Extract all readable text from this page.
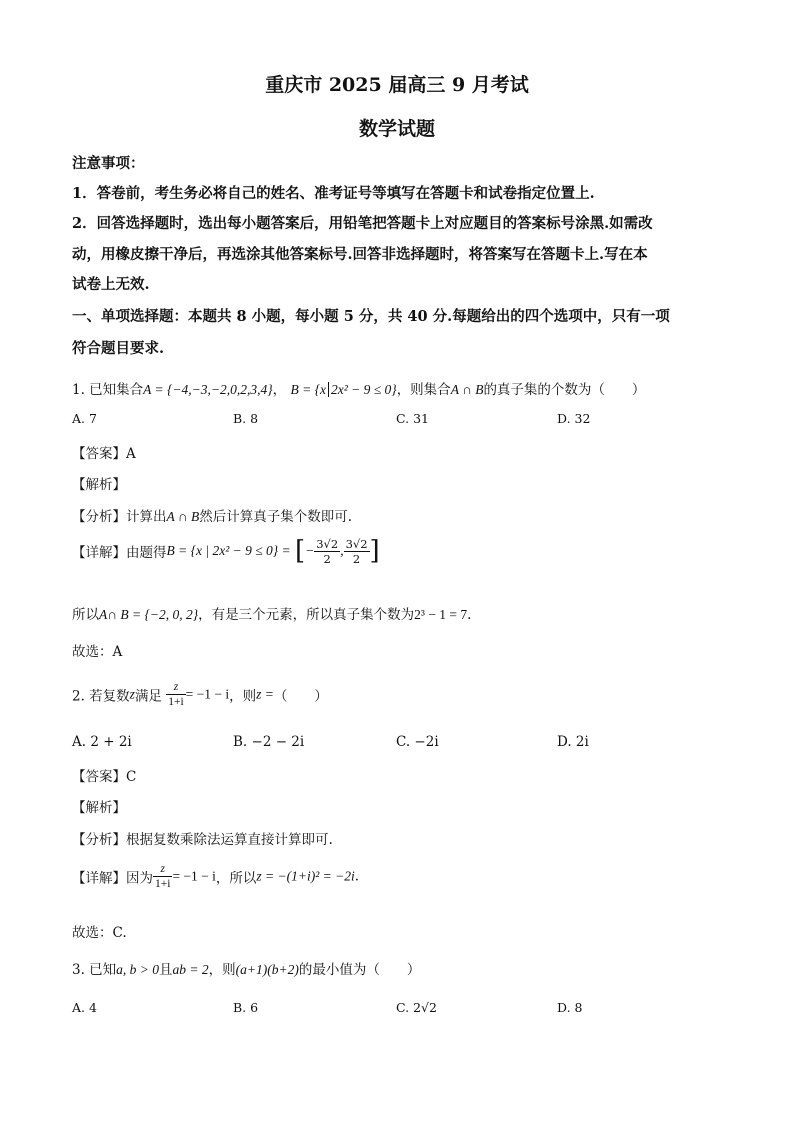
重庆市 2025 届高三 9 月考试
数学试题
注意事项：
1．答卷前，考生务必将自己的姓名、准考证号等填写在答题卡和试卷指定位置上.
2．回答选择题时，选出每小题答案后，用铅笔把答题卡上对应题目的答案标号涂黑.如需改
动，用橡皮擦干净后，再选涂其他答案标号.回答非选择题时，将答案写在答题卡上.写在本
试卷上无效.
一、单项选择题：本题共 8 小题，每小题 5 分，共 40 分.每题给出的四个选项中，只有一项
符合题目要求.
1. 已知集合A = {−4,−3,−2,0,2,3,4}， B = {x 2x² − 9 ≤ 0}，则集合A ∩ B的真子集的个数为（　　）
A. 7	B. 8	C. 31	D. 32
【答案】A
【解析】
【分析】计算出A ∩ B然后计算真子集个数即可.
【详解】由题得B = {x | 2x² − 9 ≤ 0} = [− $\frac{3√2}{2}$ , $\frac{3√2}{2}$ ]
所以A∩ B = {−2, 0, 2}，有是三个元素，所以真子集个数为2³ − 1 = 7.
故选：A
2. 若复数z满足 $\frac{z}{1+i} = -1 - i$，则z =（　　）
A. 2 + 2i	B. −2 − 2i	C. −2i	D. 2i
【答案】C
【解析】
【分析】根据复数乘除法运算直接计算即可.
【详解】因为 $\frac{z}{1+i} = -1 - i$，所以z = −(1+i)² = −2i.
故选：C.
3. 已知a, b > 0且ab = 2，则(a+1)(b+2)的最小值为（　　）
A. 4	B. 6	C. 2√2	D. 8
